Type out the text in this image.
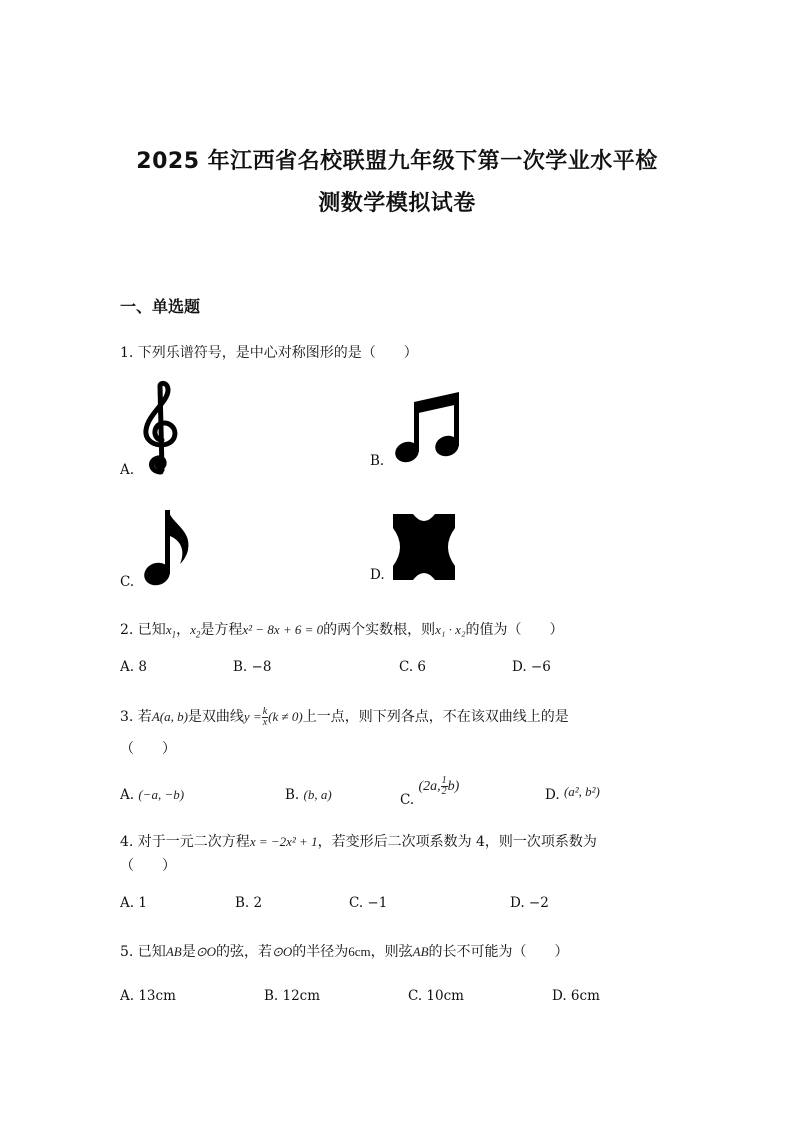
2025 年江西省名校联盟九年级下第一次学业水平检
测数学模拟试卷
一、单选题
1. 下列乐谱符号，是中心对称图形的是（　　）
A.
B.
C.	D.
2. 已知$x_1$，$x_2$是方程x² − 8x + 6 = 0的两个实数根，则x₁ · x₂的值为（　　）
A. 8	B. −8	C. 6	D. −6
3. 若A(a, b)是双曲线$y = \frac{k}{x} (k \ne 0)$上一点，则下列各点，不在该双曲线上的是
（　　）
A. (−a, −b)	B. (b, a)	C. (2a, $\frac{1}{2} b$)
D. (a², b²)
4. 对于一元二次方程x = −2x² + 1，若变形后二次项系数为 4，则一次项系数为
（　　）
A. 1	B. 2	C. −1	D. −2
5. 已知AB是⊙O的弦，若⊙O的半径为6cm，则弦AB的长不可能为（　　）
A. 13cm	B. 12cm	C. 10cm	D. 6cm
